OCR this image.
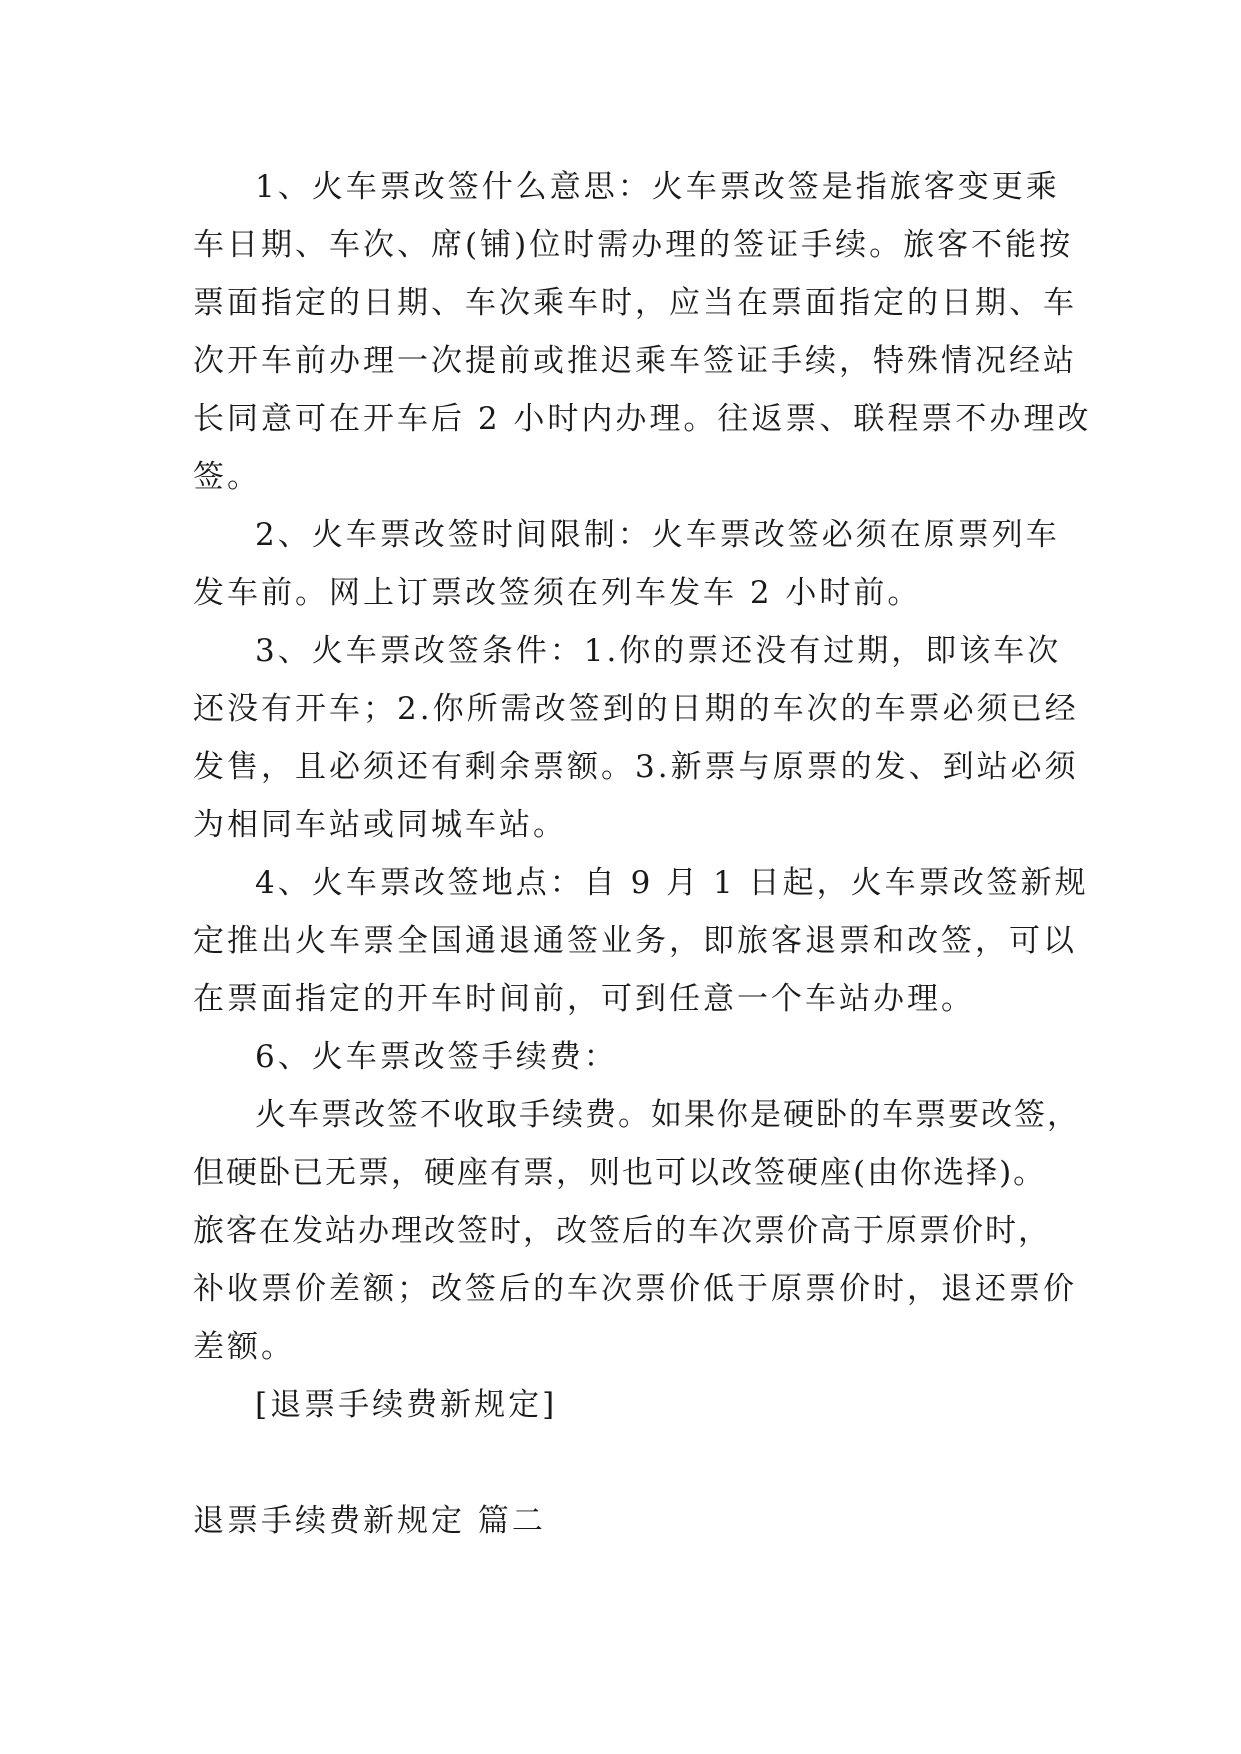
1、火车票改签什么意思：火车票改签是指旅客变更乘
车日期、车次、席(铺)位时需办理的签证手续。旅客不能按
票面指定的日期、车次乘车时，应当在票面指定的日期、车
次开车前办理一次提前或推迟乘车签证手续，特殊情况经站
长同意可在开车后 2 小时内办理。往返票、联程票不办理改
签。
2、火车票改签时间限制：火车票改签必须在原票列车
发车前。网上订票改签须在列车发车 2 小时前。
3、火车票改签条件：1.你的票还没有过期，即该车次
还没有开车；2.你所需改签到的日期的车次的车票必须已经
发售，且必须还有剩余票额。3.新票与原票的发、到站必须
为相同车站或同城车站。
4、火车票改签地点：自 9 月 1 日起，火车票改签新规
定推出火车票全国通退通签业务，即旅客退票和改签，可以
在票面指定的开车时间前，可到任意一个车站办理。
6、火车票改签手续费：
火车票改签不收取手续费。如果你是硬卧的车票要改签，
但硬卧已无票，硬座有票，则也可以改签硬座(由你选择)。
旅客在发站办理改签时，改签后的车次票价高于原票价时，
补收票价差额；改签后的车次票价低于原票价时，退还票价
差额。
[退票手续费新规定]
退票手续费新规定 篇二
